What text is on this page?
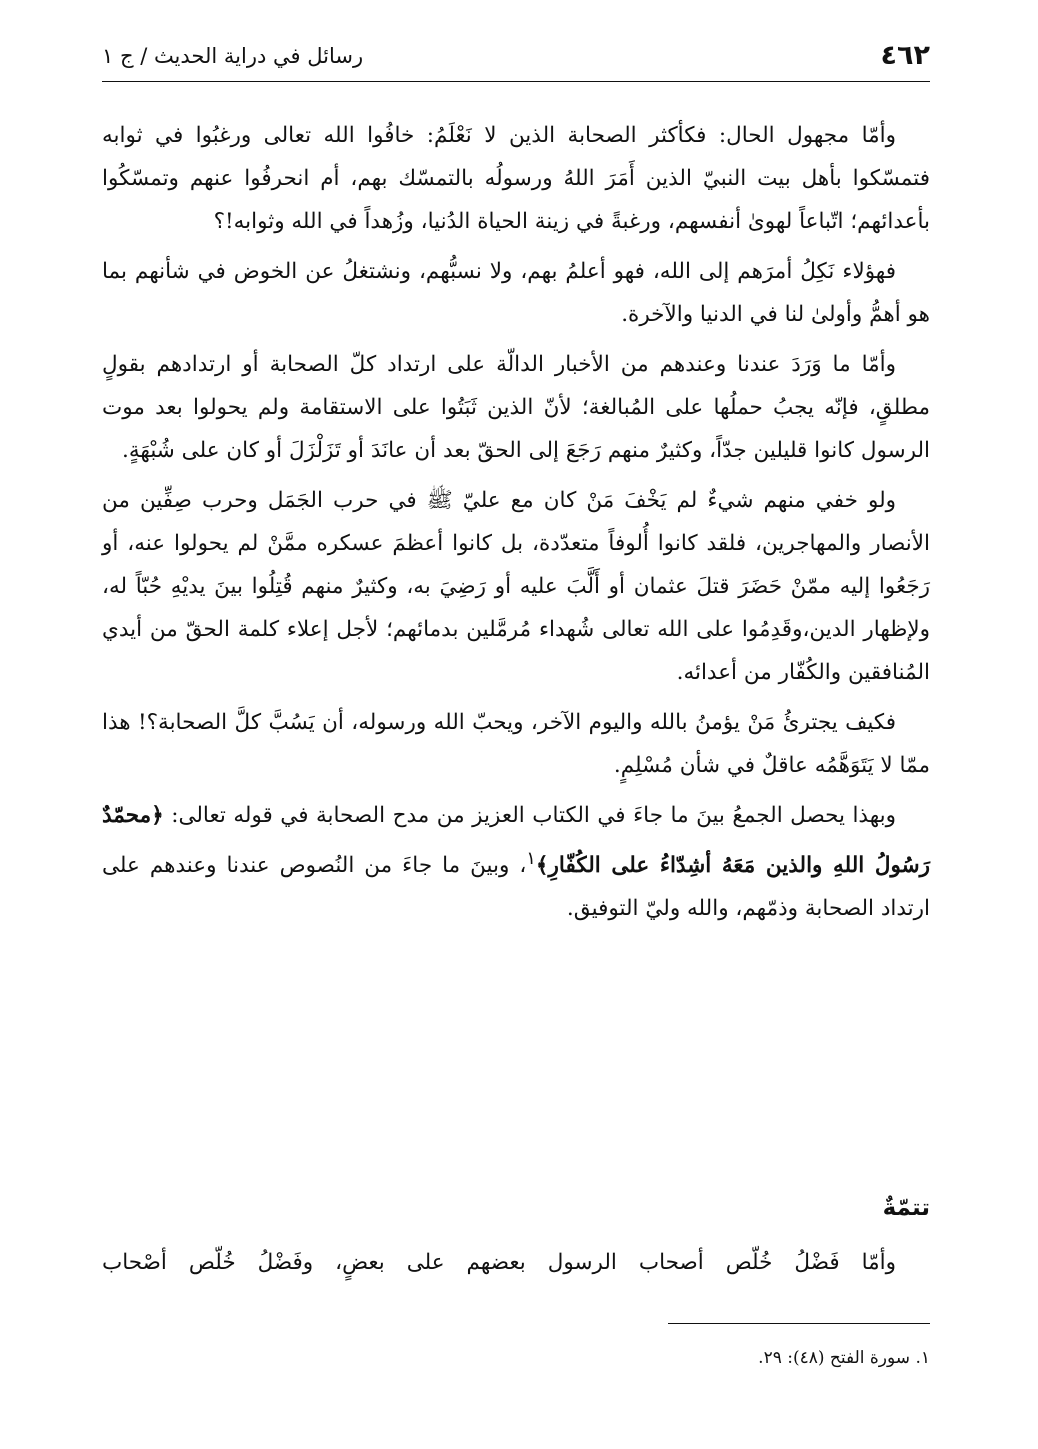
٤٦٢
رسائل في دراية الحديث / ج ١

وأمّا مجهول الحال: فكأكثر الصحابة الذين لا نَعْلَمُ: خافُوا الله تعالى ورغبُوا في ثوابه فتمسّكوا بأهل بيت النبيّ الذين أَمَرَ اللهُ ورسولُه بالتمسّك بهم، أم انحرفُوا عنهم وتمسّكُوا بأعدائهم؛ اتّباعاً لهوىٰ أنفسهم، ورغبةً في زينة الحياة الدُنيا، وزُهداً في الله وثوابه!؟

فهؤلاء نَكِلُ أمرَهم إلى الله، فهو أعلمُ بهم، ولا نسبُّهم، ونشتغلُ عن الخوض في شأنهم بما هو أهمُّ وأولىٰ لنا في الدنيا والآخرة.

وأمّا ما وَرَدَ عندنا وعندهم من الأخبار الدالّة على ارتداد كلّ الصحابة أو ارتدادهم بقولٍ مطلقٍ، فإنّه يجبُ حملُها على المُبالغة؛ لأنّ الذين ثَبَتُوا على الاستقامة ولم يحولوا بعد موت الرسول كانوا قليلين جدّاً، وكثيرٌ منهم رَجَعَ إلى الحقّ بعد أن عانَدَ أو تَزَلْزَلَ أو كان على شُبْهَةٍ.

ولو خفي منهم شيءٌ لم يَخْفَ مَنْ كان مع عليّ ﷺ في حرب الجَمَل وحرب صِفِّين من الأنصار والمهاجرين، فلقد كانوا أُلوفاً متعدّدة، بل كانوا أعظمَ عسكره ممَّنْ لم يحولوا عنه، أو رَجَعُوا إليه ممّنْ حَضَرَ قتلَ عثمان أو أَلَّبَ عليه أو رَضِيَ به، وكثيرٌ منهم قُتِلُوا بينَ يديْهِ حُبّاً له، ولإظهار الدين،وقَدِمُوا على الله تعالى شُهداء مُرمَّلين بدمائهم؛ لأجل إعلاء كلمة الحقّ من أيدي المُنافقين والكُفّار من أعدائه.

فكيف يجترئُ مَنْ يؤمنُ بالله واليوم الآخر، ويحبّ الله ورسوله، أن يَسُبَّ كلَّ الصحابة؟! هذا ممّا لا يَتَوَهَّمُه عاقلٌ في شأن مُسْلِمٍ.

وبهذا يحصل الجمعُ بينَ ما جاءَ في الكتاب العزيز من مدح الصحابة في قوله تعالى: ﴿محمّدٌ رَسُولُ اللهِ والذين مَعَهُ أشِدّاءُ على الكُفّارِ﴾$^١$، وبينَ ما جاءَ من النُصوص عندنا وعندهم على ارتداد الصحابة وذمّهم، والله وليّ التوفيق.

تتمّةٌ
وأمّا فَضْلُ خُلّص أصحاب الرسول بعضهم على بعضٍ، وفَضْلُ خُلّص أصْحاب
١. سورة الفتح (٤٨): ٢٩.
